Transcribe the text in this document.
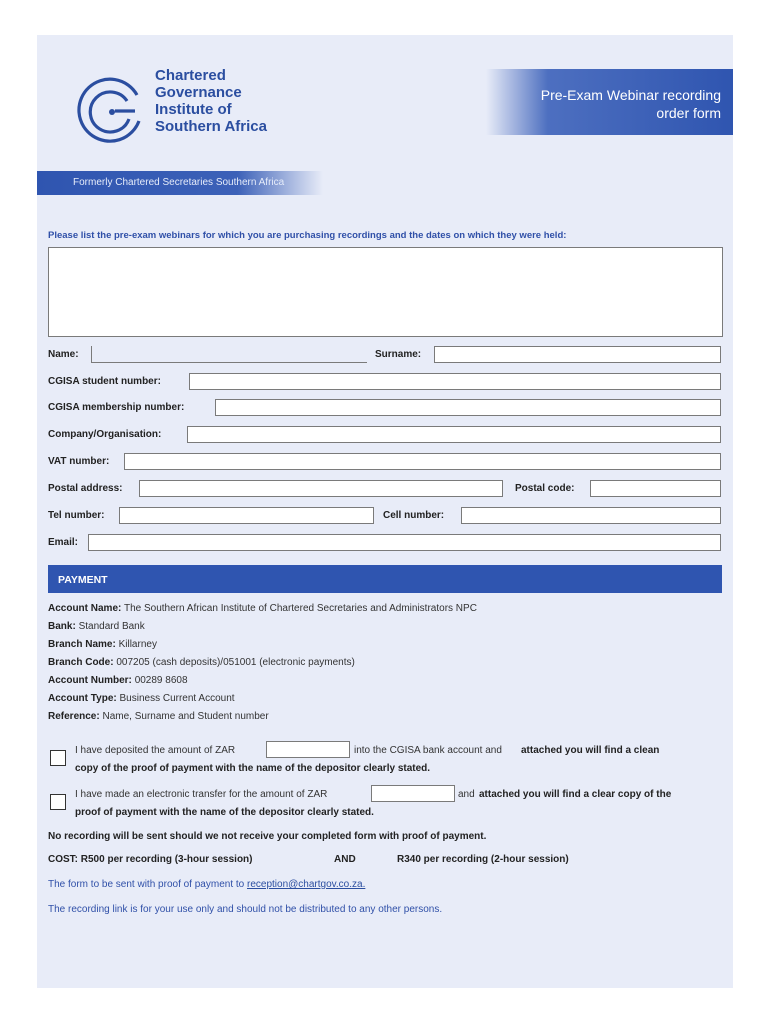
Chartered
Governance
Institute of
Southern Africa
Pre-Exam Webinar recording
order form
Formerly Chartered Secretaries Southern Africa
Please list the pre-exam webinars for which you are purchasing recordings and the dates on which they were held:
Name:	Surname:
CGISA student number:
CGISA membership number:
Company/Organisation:
VAT number:
Postal address:	Postal code:
Tel number:	Cell number:
Email:
PAYMENT
Account Name: The Southern African Institute of Chartered Secretaries and Administrators NPC
Bank: Standard Bank
Branch Name: Killarney
Branch Code: 007205 (cash deposits)/051001 (electronic payments)
Account Number: 00289 8608
Account Type: Business Current Account
Reference: Name, Surname and Student number
I have deposited the amount of ZAR	into the CGISA bank account and attached you will find a clean
copy of the proof of payment with the name of the depositor clearly stated.
I have made an electronic transfer for the amount of ZAR	and attached you will find a clear copy of the
proof of payment with the name of the depositor clearly stated.
No recording will be sent should we not receive your completed form with proof of payment.
COST: R500 per recording (3-hour session)	AND	R340 per recording (2-hour session)
The form to be sent with proof of payment to reception@chartgov.co.za.
The recording link is for your use only and should not be distributed to any other persons.
